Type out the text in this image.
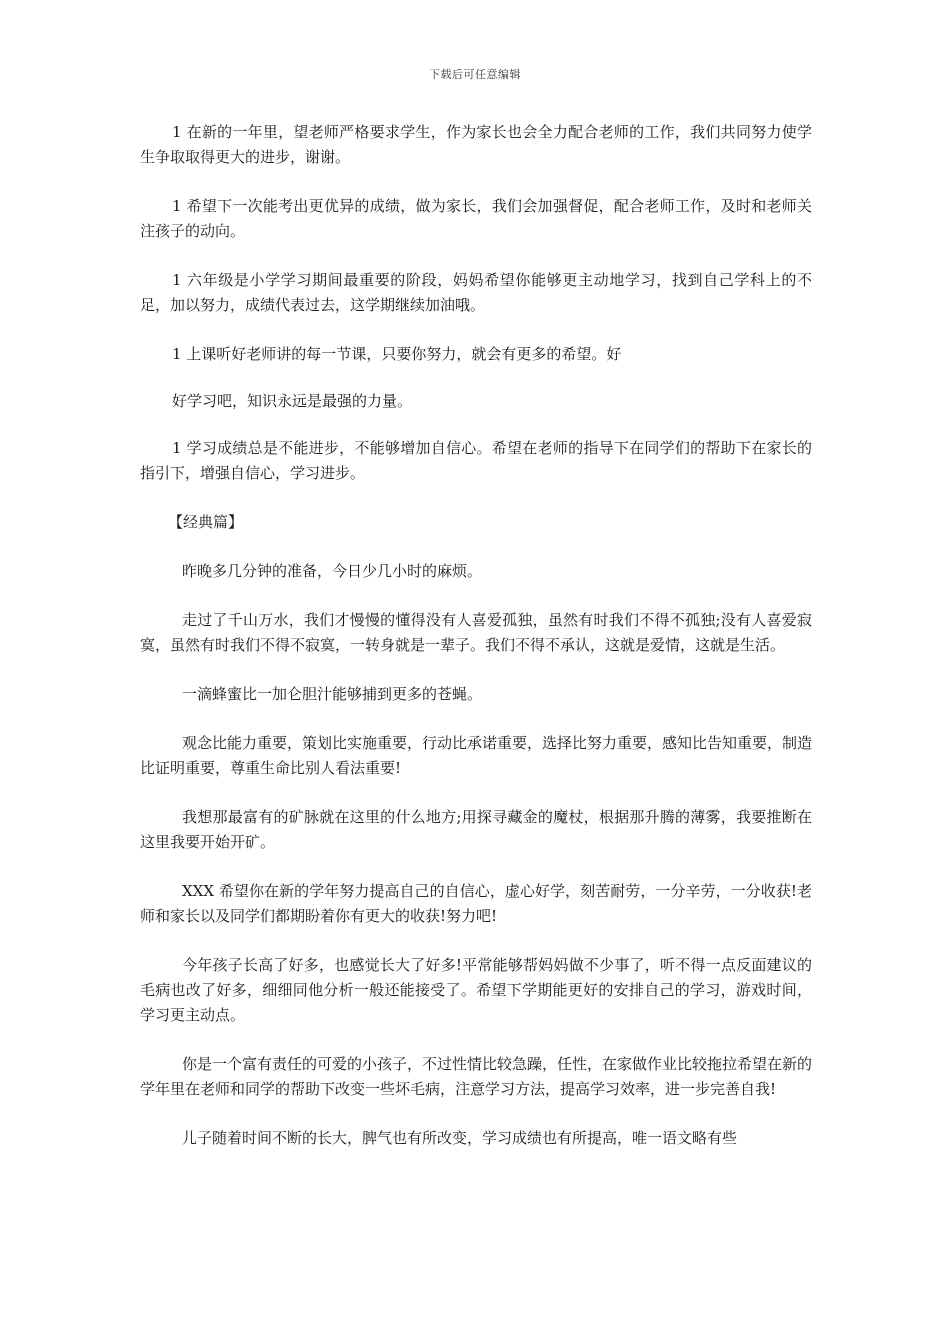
下载后可任意编辑

1 在新的一年里，望老师严格要求学生，作为家长也会全力配合老师的工作，我们共同努力使学生争取取得更大的进步，谢谢。

1 希望下一次能考出更优异的成绩，做为家长，我们会加强督促，配合老师工作，及时和老师关注孩子的动向。

1 六年级是小学学习期间最重要的阶段，妈妈希望你能够更主动地学习，找到自己学科上的不足，加以努力，成绩代表过去，这学期继续加油哦。

1 上课听好老师讲的每一节课，只要你努力，就会有更多的希望。好

好学习吧，知识永远是最强的力量。

1 学习成绩总是不能进步，不能够增加自信心。希望在老师的指导下在同学们的帮助下在家长的指引下，增强自信心，学习进步。

【经典篇】

昨晚多几分钟的准备，今日少几小时的麻烦。

走过了千山万水，我们才慢慢的懂得没有人喜爱孤独，虽然有时我们不得不孤独;没有人喜爱寂寞，虽然有时我们不得不寂寞，一转身就是一辈子。我们不得不承认，这就是爱情，这就是生活。

一滴蜂蜜比一加仑胆汁能够捕到更多的苍蝇。

观念比能力重要，策划比实施重要，行动比承诺重要，选择比努力重要，感知比告知重要，制造比证明重要，尊重生命比别人看法重要!

我想那最富有的矿脉就在这里的什么地方;用探寻藏金的魔杖，根据那升腾的薄雾，我要推断在这里我要开始开矿。

XXX 希望你在新的学年努力提高自己的自信心，虚心好学，刻苦耐劳，一分辛劳，一分收获!老师和家长以及同学们都期盼着你有更大的收获!努力吧!

今年孩子长高了好多，也感觉长大了好多!平常能够帮妈妈做不少事了，听不得一点反面建议的毛病也改了好多，细细同他分析一般还能接受了。希望下学期能更好的安排自己的学习，游戏时间，学习更主动点。

你是一个富有责任的可爱的小孩子，不过性情比较急躁，任性，在家做作业比较拖拉希望在新的学年里在老师和同学的帮助下改变一些坏毛病，注意学习方法，提高学习效率，进一步完善自我!

儿子随着时间不断的长大，脾气也有所改变，学习成绩也有所提高，唯一语文略有些
